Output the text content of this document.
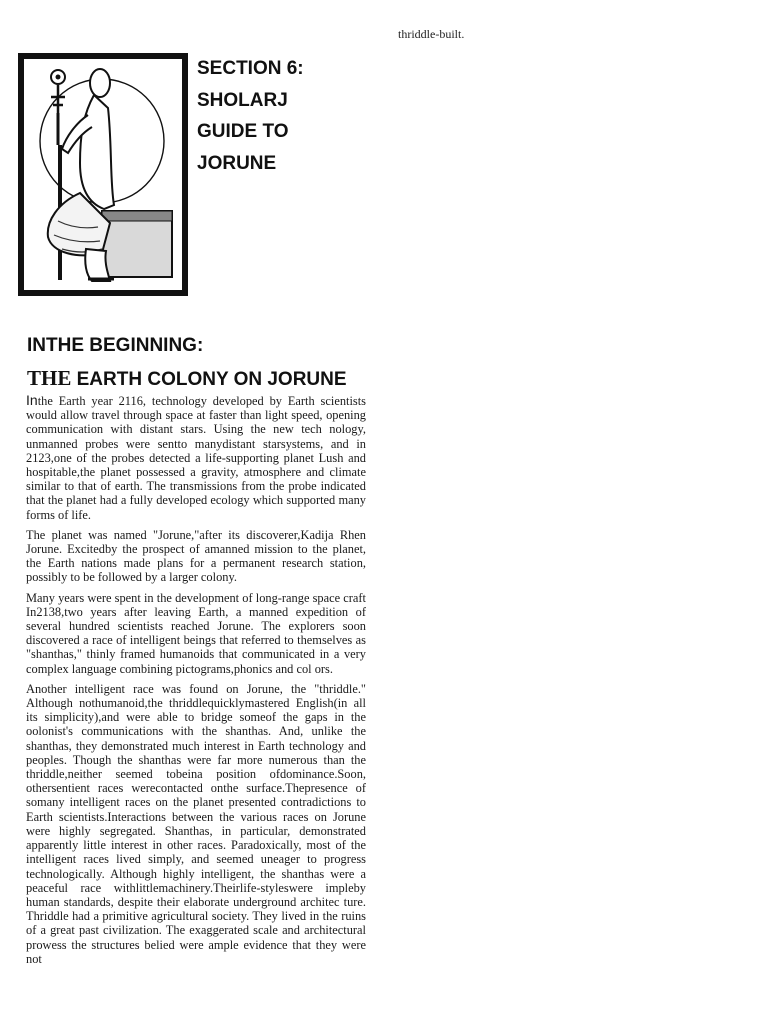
thriddle-built.
SECTION 6:
SHOLARJ
GUIDE TO
JORUNE
INTHE BEGINNING:
THE EARTH COLONY ON JORUNE

Inthe Earth year 2116, technology developed by Earth scientists would allow travel through space at faster than light speed, opening communication with distant stars. Using the new tech nology, unmanned probes were sentto manydistant starsystems, and in 2123,one of the probes detected a life-supporting planet Lush and hospitable,the planet possessed a gravity, atmosphere and climate similar to that of earth. The transmissions from the probe indicated that the planet had a fully developed ecology which supported many forms of life.

The planet was named "Jorune,"after its discoverer,Kadija Rhen Jorune. Excitedby the prospect of amanned mission to the planet, the Earth nations made plans for a permanent research station, possibly to be followed by a larger colony.

Many years were spent in the development of long-range space craft In2138,two years after leaving Earth, a manned expedition of several hundred scientists reached Jorune. The explorers soon discovered a race of intelligent beings that referred to themselves as "shanthas," thinly framed humanoids that communicated in a very complex language combining pictograms,phonics and col ors.

Another intelligent race was found on Jorune, the "thriddle." Although nothumanoid,the thriddlequicklymastered English(in all its simplicity),and were able to bridge someof the gaps in the oolonist's communications with the shanthas. And, unlike the shanthas, they demonstrated much interest in Earth technology and peoples. Though the shanthas were far more numerous than the thriddle,neither seemed tobeina position ofdominance.Soon, othersentient races werecontacted onthe surface.Thepresence of somany intelligent races on the planet presented contradictions to Earth scientists.Interactions between the various races on Jorune were highly segregated. Shanthas, in particular, demonstrated apparently little interest in other races. Paradoxically, most of the intelligent races lived simply, and seemed uneager to progress technologically. Although highly intelligent, the shanthas were a peaceful race withlittlemachinery.Theirlife-styleswere impleby human standards, despite their elaborate underground architec ture. Thriddle had a primitive agricultural society. They lived in the ruins of a great past civilization. The exaggerated scale and architectural prowess the structures belied were ample evidence that they were not
